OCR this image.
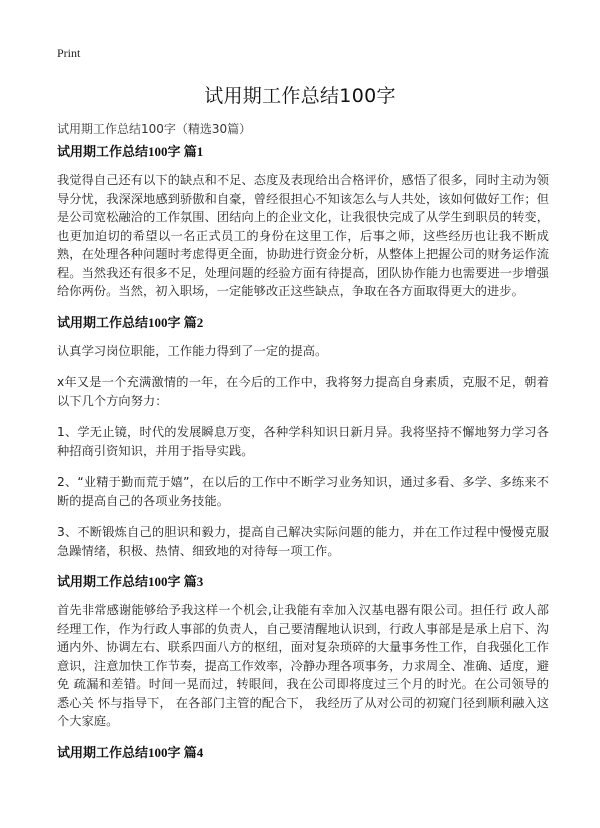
Print
试用期工作总结100字

试用期工作总结100字（精选30篇）

试用期工作总结100字 篇1

我觉得自己还有以下的缺点和不足、态度及表现给出合格评价，感悟了很多，同时主动为领导分忧，我深深地感到骄傲和自豪，曾经很担心不知该怎么与人共处，该如何做好工作；但是公司宽松融洽的工作氛围、团结向上的企业文化，让我很快完成了从学生到职员的转变，也更加迫切的希望以一名正式员工的身份在这里工作，后事之师，这些经历也让我不断成熟，在处理各种问题时考虑得更全面，协助进行资金分析，从整体上把握公司的财务运作流程。当然我还有很多不足，处理问题的经验方面有待提高，团队协作能力也需要进一步增强给你两份。当然，初入职场，一定能够改正这些缺点，争取在各方面取得更大的进步。

试用期工作总结100字 篇2

认真学习岗位职能，工作能力得到了一定的提高。

x年又是一个充满激情的一年，在今后的工作中，我将努力提高自身素质，克服不足，朝着以下几个方向努力：

1、学无止镜，时代的发展瞬息万变，各种学科知识日新月异。我将坚持不懈地努力学习各种招商引资知识，并用于指导实践。

2、“业精于勤而荒于嬉”，在以后的工作中不断学习业务知识，通过多看、多学、多练来不断的提高自己的各项业务技能。

3、不断锻炼自己的胆识和毅力，提高自己解决实际问题的能力，并在工作过程中慢慢克服急躁情绪，积极、热情、细致地的对待每一项工作。

试用期工作总结100字 篇3

首先非常感谢能够给予我这样一个机会,让我能有幸加入汉基电器有限公司。担任行 政人部经理工作，作为行政人事部的负责人，自己要清醒地认识到，行政人事部是是承上启下、沟通内外、协调左右、联系四面八方的枢纽，面对复杂琐碎的大量事务性工作，自我强化工作 意识，注意加快工作节奏，提高工作效率，冷静办理各项事务，力求周全、准确、适度，避免 疏漏和差错。时间一晃而过，转眼间，我在公司即将度过三个月的时光。在公司领导的悉心关 怀与指导下， 在各部门主管的配合下， 我经历了从对公司的初窥门径到顺利融入这个大家庭。

试用期工作总结100字 篇4
